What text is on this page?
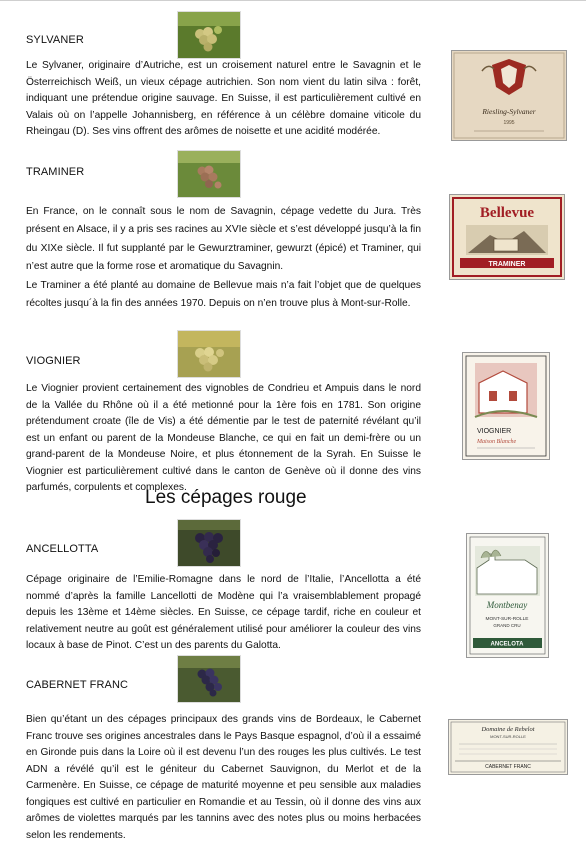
SYLVANER

Le Sylvaner, originaire d’Autriche, est un croisement naturel entre le Savagnin et le Österreichisch Weiß, un vieux cépage autrichien. Son nom vient du latin silva : forêt, indiquant une prétendue origine sauvage. En Suisse, il est particulièrement cultivé en Valais où on l’appelle Johannisberg, en référence à un célèbre domaine viticole du Rheingau (D). Ses vins offrent des arômes de noisette et une acidité modérée.

Riesling-Sylvaner
1995
TRAMINER

En France, on le connaît sous le nom de Savagnin, cépage vedette du Jura. Très présent en Alsace, il y a pris ses racines au XVIe siècle et s’est développé jusqu’à la fin du XIXe siècle. Il fut supplanté par le Gewurztraminer, gewurzt (épicé) et Traminer, qui n’est autre que la forme rose et aromatique du Savagnin.

Le Traminer a été planté au domaine de Bellevue mais n’a fait l’objet que de quelques récoltes jusqu´à la fin des années 1970. Depuis on n’en trouve plus à Mont-sur-Rolle.

Bellevue
TRAMINER
VIOGNIER

Le Viognier provient certainement des vignobles de Condrieu et Ampuis dans le nord de la Vallée du Rhône où il a été metionné pour la 1ère fois en 1781. Son origine prétendument croate (île de Vis) a été démentie par le test de paternité révélant qu’il est un enfant ou parent de la Mondeuse Blanche, ce qui en fait un demi-frère ou un grand-parent de la Mondeuse Noire, et plus étonnement de la Syrah. En Suisse le Viognier est particulièrement cultivé dans le canton de Genève où il donne des vins parfumés, corpulents et complexes.

VIOGNIER
Maison Blanche
Les cépages rouge
ANCELLOTTA

Cépage originaire de l’Emilie-Romagne dans le nord de l’Italie, l’Ancellotta a été nommé d’après la famille Lancellotti de Modène qui l’a vraisemblablement propagé depuis les 13ème et 14ème siècles. En Suisse, ce cépage tardif, riche en couleur et relativement neutre au goût est généralement utilisé pour améliorer la couleur des vins locaux à base de Pinot. C’est un des parents du Galotta.

Montbenay
MONT-SUR-ROLLE
GRAND CRU
ANCELOTA
CABERNET FRANC

Bien qu’étant un des cépages principaux des grands vins de Bordeaux, le Cabernet Franc trouve ses origines ancestrales dans le Pays Basque espagnol, d’où il a essaimé en Gironde puis dans la Loire où il est devenu l’un des rouges les plus cultivés. Le test ADN a révélé qu’il est le géniteur du Cabernet Sauvignon, du Merlot et de la Carmenère. En Suisse, ce cépage de maturité moyenne et peu sensible aux maladies fongiques est cultivé en particulier en Romandie et au Tessin, où il donne des vins aux arômes de violettes marqués par les tannins avec des notes plus ou moins herbacées selon les rendements.

Domaine de Rebelot
MONT-SUR-ROLLE
CABERNET FRANC
